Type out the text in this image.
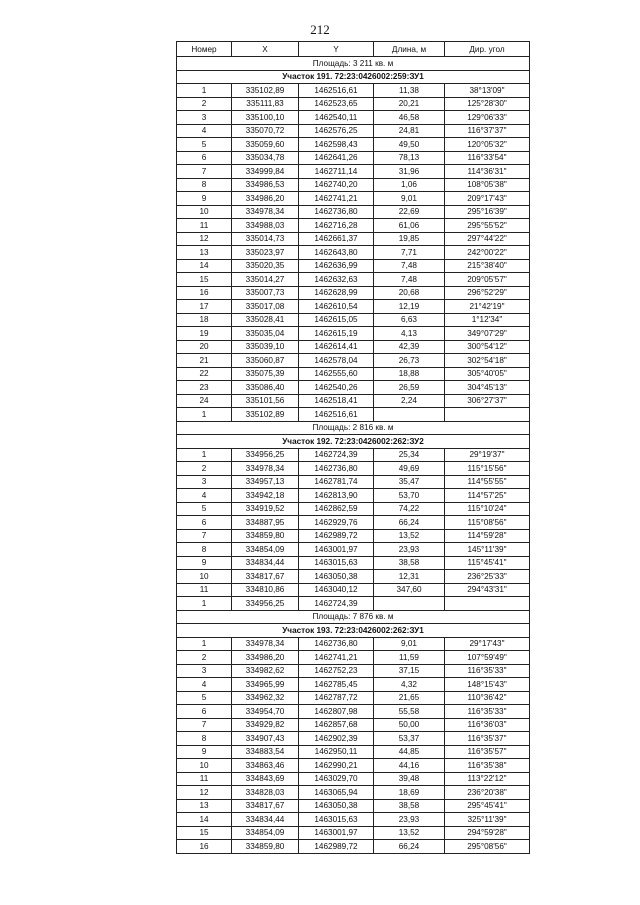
212
Номер	X	Y	Длина, м	Дир. угол
Площадь: 3 211 кв. м				
Участок 191. 72:23:0426002:259:ЗУ1				
1	335102,89	1462516,61	11,38	38°13'09"
2	335111,83	1462523,65	20,21	125°28'30"
3	335100,10	1462540,11	46,58	129°06'33"
4	335070,72	1462576,25	24,81	116°37'37"
5	335059,60	1462598,43	49,50	120°05'32"
6	335034,78	1462641,26	78,13	116°33'54"
7	334999,84	1462711,14	31,96	114°36'31"
8	334986,53	1462740,20	1,06	108°05'38"
9	334986,20	1462741,21	9,01	209°17'43"
10	334978,34	1462736,80	22,69	295°16'39"
11	334988,03	1462716,28	61,06	295°55'52"
12	335014,73	1462661,37	19,85	297°44'22"
13	335023,97	1462643,80	7,71	242°00'22"
14	335020,35	1462636,99	7,48	215°38'40"
15	335014,27	1462632,63	7,48	209°05'57"
16	335007,73	1462628,99	20,68	296°52'29"
17	335017,08	1462610,54	12,19	21°42'19"
18	335028,41	1462615,05	6,63	1°12'34"
19	335035,04	1462615,19	4,13	349°07'29"
20	335039,10	1462614,41	42,39	300°54'12"
21	335060,87	1462578,04	26,73	302°54'18"
22	335075,39	1462555,60	18,88	305°40'05"
23	335086,40	1462540,26	26,59	304°45'13"
24	335101,56	1462518,41	2,24	306°27'37"
1	335102,89	1462516,61		
Площадь: 2 816 кв. м				
Участок 192. 72:23:0426002:262:ЗУ2				
1	334956,25	1462724,39	25,34	29°19'37"
2	334978,34	1462736,80	49,69	115°15'56"
3	334957,13	1462781,74	35,47	114°55'55"
4	334942,18	1462813,90	53,70	114°57'25"
5	334919,52	1462862,59	74,22	115°10'24"
6	334887,95	1462929,76	66,24	115°08'56"
7	334859,80	1462989,72	13,52	114°59'28"
8	334854,09	1463001,97	23,93	145°11'39"
9	334834,44	1463015,63	38,58	115°45'41"
10	334817,67	1463050,38	12,31	236°25'33"
11	334810,86	1463040,12	347,60	294°43'31"
1	334956,25	1462724,39		
Площадь: 7 876 кв. м				
Участок 193. 72:23:0426002:262:ЗУ1				
1	334978,34	1462736,80	9,01	29°17'43"
2	334986,20	1462741,21	11,59	107°59'49"
3	334982,62	1462752,23	37,15	116°35'33"
4	334965,99	1462785,45	4,32	148°15'43"
5	334962,32	1462787,72	21,65	110°36'42"
6	334954,70	1462807,98	55,58	116°35'33"
7	334929,82	1462857,68	50,00	116°36'03"
8	334907,43	1462902,39	53,37	116°35'37"
9	334883,54	1462950,11	44,85	116°35'57"
10	334863,46	1462990,21	44,16	116°35'38"
11	334843,69	1463029,70	39,48	113°22'12"
12	334828,03	1463065,94	18,69	236°20'38"
13	334817,67	1463050,38	38,58	295°45'41"
14	334834,44	1463015,63	23,93	325°11'39"
15	334854,09	1463001,97	13,52	294°59'28"
16	334859,80	1462989,72	66,24	295°08'56"
